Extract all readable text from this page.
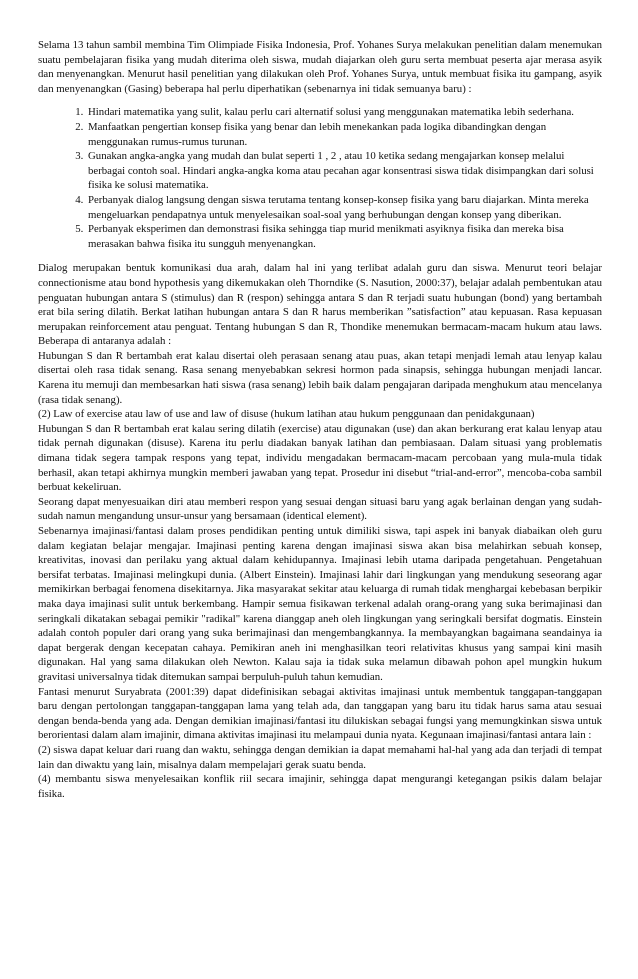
Selama 13 tahun sambil membina Tim Olimpiade Fisika Indonesia, Prof. Yohanes Surya melakukan penelitian dalam menemukan suatu pembelajaran fisika yang mudah diterima oleh siswa, mudah diajarkan oleh guru serta membuat peserta ajar merasa asyik dan menyenangkan. Menurut hasil penelitian yang dilakukan oleh Prof. Yohanes Surya, untuk membuat fisika itu gampang, asyik dan menyenangkan (Gasing) beberapa hal perlu diperhatikan (sebenarnya ini tidak semuanya baru) :

1. Hindari matematika yang sulit, kalau perlu cari alternatif solusi yang menggunakan matematika lebih sederhana.
2. Manfaatkan pengertian konsep fisika yang benar dan lebih menekankan pada logika dibandingkan dengan menggunakan rumus-rumus turunan.
3. Gunakan angka-angka yang mudah dan bulat seperti 1 , 2 , atau 10 ketika sedang mengajarkan konsep melalui berbagai contoh soal. Hindari angka-angka koma atau pecahan agar konsentrasi siswa tidak disimpangkan dari solusi fisika ke solusi matematika.
4. Perbanyak dialog langsung dengan siswa terutama tentang konsep-konsep fisika yang baru diajarkan. Minta mereka mengeluarkan pendapatnya untuk menyelesaikan soal-soal yang berhubungan dengan konsep yang diberikan.
5. Perbanyak eksperimen dan demonstrasi fisika sehingga tiap murid menikmati asyiknya fisika dan mereka bisa merasakan bahwa fisika itu sungguh menyenangkan.

Dialog merupakan bentuk komunikasi dua arah, dalam hal ini yang terlibat adalah guru dan siswa. Menurut teori belajar connectionisme atau bond hypothesis yang dikemukakan oleh Thorndike (S. Nasution, 2000:37), belajar adalah pembentukan atau penguatan hubungan antara S (stimulus) dan R (respon) sehingga antara S dan R terjadi suatu hubungan (bond) yang bertambah erat bila sering dilatih. Berkat latihan hubungan antara S dan R harus memberikan ”satisfaction” atau kepuasan. Rasa kepuasan merupakan reinforcement atau penguat. Tentang hubungan S dan R, Thondike menemukan bermacam-macam hukum atau laws. Beberapa di antaranya adalah :

Hubungan S dan R bertambah erat kalau disertai oleh perasaan senang atau puas, akan tetapi menjadi lemah atau lenyap kalau disertai oleh rasa tidak senang. Rasa senang menyebabkan sekresi hormon pada sinapsis, sehingga hubungan menjadi lancar. Karena itu memuji dan membesarkan hati siswa (rasa senang) lebih baik dalam pengajaran daripada menghukum atau mencelanya (rasa tidak senang).

(2) Law of exercise atau law of use and law of disuse (hukum latihan atau hukum penggunaan dan penidakgunaan)

Hubungan S dan R bertambah erat kalau sering dilatih (exercise) atau digunakan (use) dan akan berkurang erat kalau lenyap atau tidak pernah digunakan (disuse). Karena itu perlu diadakan banyak latihan dan pembiasaan. Dalam situasi yang problematis dimana tidak segera tampak respons yang tepat, individu mengadakan bermacam-macam percobaan yang mula-mula tidak berhasil, akan tetapi akhirnya mungkin memberi jawaban yang tepat. Prosedur ini disebut “trial-and-error”, mencoba-coba sambil berbuat kekeliruan.

Seorang dapat menyesuaikan diri atau memberi respon yang sesuai dengan situasi baru yang agak berlainan dengan yang sudah-sudah namun mengandung unsur-unsur yang bersamaan (identical element).

Sebenarnya imajinasi/fantasi dalam proses pendidikan penting untuk dimiliki siswa, tapi aspek ini banyak diabaikan oleh guru dalam kegiatan belajar mengajar. Imajinasi penting karena dengan imajinasi siswa akan bisa melahirkan sebuah konsep, kreativitas, inovasi dan perilaku yang aktual dalam kehidupannya. Imajinasi lebih utama daripada pengetahuan. Pengetahuan bersifat terbatas. Imajinasi melingkupi dunia. (Albert Einstein). Imajinasi lahir dari lingkungan yang mendukung seseorang agar memikirkan berbagai fenomena disekitarnya. Jika masyarakat sekitar atau keluarga di rumah tidak menghargai kebebasan berpikir maka daya imajinasi sulit untuk berkembang. Hampir semua fisikawan terkenal adalah orang-orang yang suka berimajinasi dan seringkali dikatakan sebagai pemikir "radikal" karena dianggap aneh oleh lingkungan yang seringkali bersifat dogmatis. Einstein adalah contoh populer dari orang yang suka berimajinasi dan mengembangkannya. Ia membayangkan bagaimana seandainya ia dapat bergerak dengan kecepatan cahaya. Pemikiran aneh ini menghasilkan teori relativitas khusus yang sampai kini masih digunakan. Hal yang sama dilakukan oleh Newton. Kalau saja ia tidak suka melamun dibawah pohon apel mungkin hukum gravitasi universalnya tidak ditemukan sampai berpuluh-puluh tahun kemudian.

Fantasi menurut Suryabrata (2001:39) dapat didefinisikan sebagai aktivitas imajinasi untuk membentuk tanggapan-tanggapan baru dengan pertolongan tanggapan-tanggapan lama yang telah ada, dan tanggapan yang baru itu tidak harus sama atau sesuai dengan benda-benda yang ada. Dengan demikian imajinasi/fantasi itu dilukiskan sebagai fungsi yang memungkinkan siswa untuk berorientasi dalam alam imajinir, dimana aktivitas imajinasi itu melampaui dunia nyata. Kegunaan imajinasi/fantasi antara lain :

(2) siswa dapat keluar dari ruang dan waktu, sehingga dengan demikian ia dapat memahami hal-hal yang ada dan terjadi di tempat lain dan diwaktu yang lain, misalnya dalam mempelajari gerak suatu benda.

(4) membantu siswa menyelesaikan konflik riil secara imajinir, sehingga dapat mengurangi ketegangan psikis dalam belajar fisika.
